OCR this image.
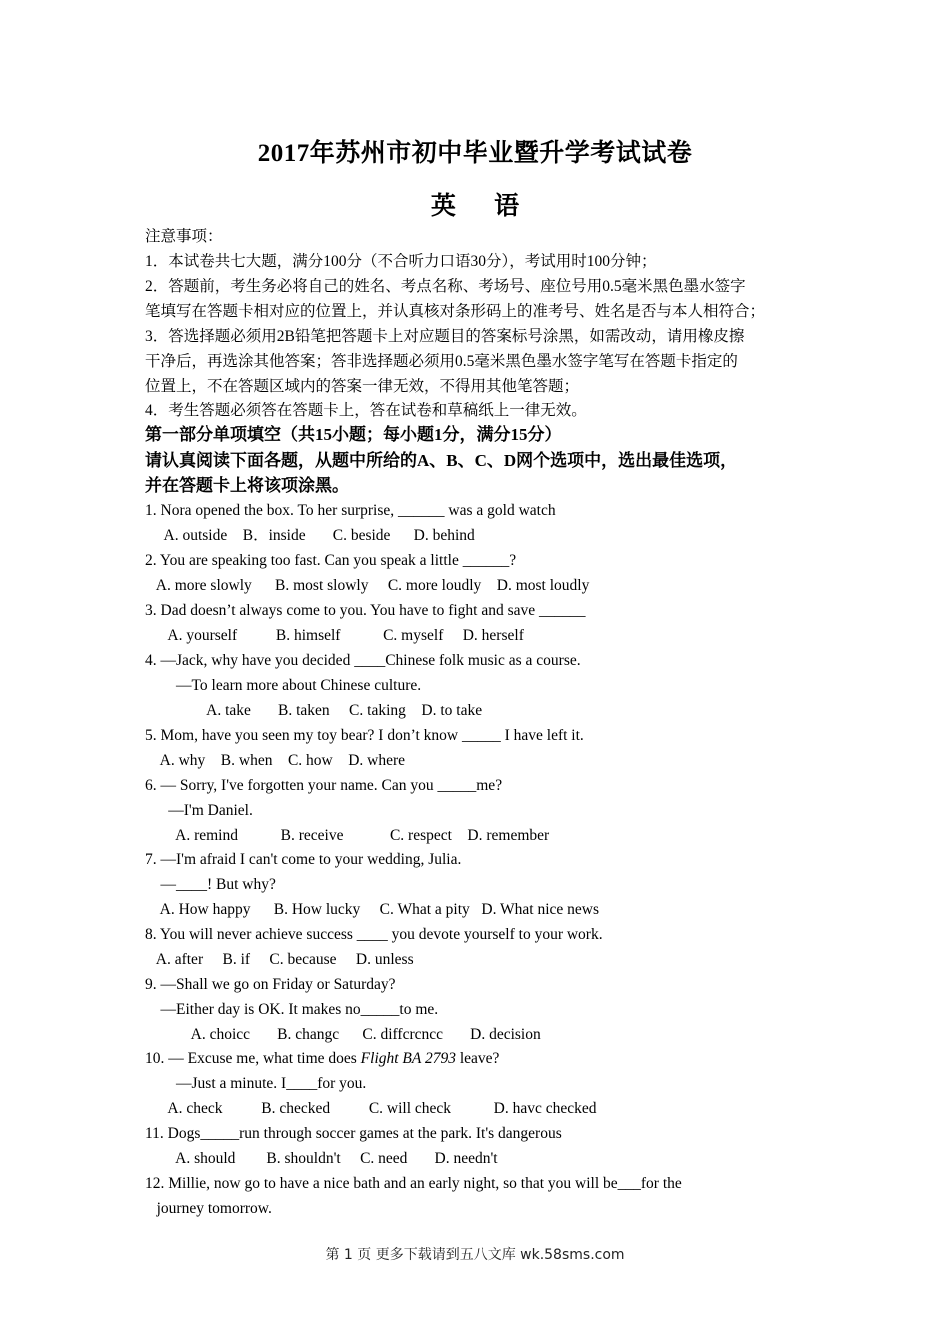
2017年苏州市初中毕业暨升学考试试卷
英 语
注意事项：
1．本试卷共七大题，满分100分（不合听力口语30分），考试用时100分钟；
2．答题前，考生务必将自己的姓名、考点名称、考场号、座位号用0.5毫米黑色墨水签字
笔填写在答题卡相对应的位置上，并认真核对条形码上的准考号、姓名是否与本人相符合；
3．答选择题必须用2B铅笔把答题卡上对应题目的答案标号涂黑，如需改动，请用橡皮擦
干净后，再选涂其他答案；答非选择题必须用0.5毫米黑色墨水签字笔写在答题卡指定的
位置上，不在答题区域内的答案一律无效，不得用其他笔答题；
4．考生答题必须答在答题卡上，答在试卷和草稿纸上一律无效。
第一部分单项填空（共15小题；每小题1分，满分15分）
请认真阅读下面各题，从题中所给的A、B、C、D网个选项中，选出最佳选项，
并在答题卡上将该项涂黑。
1. Nora opened the box. To her surprise, ______ was a gold watch
A. outside    B．inside       C. beside      D. behind
2. You are speaking too fast. Can you speak a little ______?
A. more slowly      B. most slowly     C. more loudly    D. most loudly
3. Dad doesn’t always come to you. You have to fight and save ______
A. yourself          B. himself           C. myself     D. herself
4. —Jack, why have you decided ____Chinese folk music as a course.
—To learn more about Chinese culture.
A. take       B. taken     C. taking    D. to take
5. Mom, have you seen my toy bear? I don’t know _____ I have left it.
A. why    B. when    C. how    D. where
6. — Sorry, I've forgotten your name. Can you _____me?
—I'm Daniel.
A. remind           B. receive            C. respect    D. remember
7. —I'm afraid I can't come to your wedding, Julia.
—____! But why?
A. How happy      B. How lucky     C. What a pity   D. What nice news
8. You will never achieve success ____ you devote yourself to your work.
A. after     B. if     C. because     D. unless
9. —Shall we go on Friday or Saturday?
—Either day is OK. It makes no_____to me.
A. choicc       B. changc      C. diffcrcncc       D. decision
10. — Excuse me, what time does Flight BA 2793 leave?
—Just a minute. I____for you.
A. check          B. checked          C. will check           D. havc checked
11. Dogs_____run through soccer games at the park. It's dangerous
A. should        B. shouldn't     C. need       D. needn't
12. Millie, now go to have a nice bath and an early night, so that you will be___for the
journey tomorrow.
第 1 页 更多下载请到五八文库 wk.58sms.com
